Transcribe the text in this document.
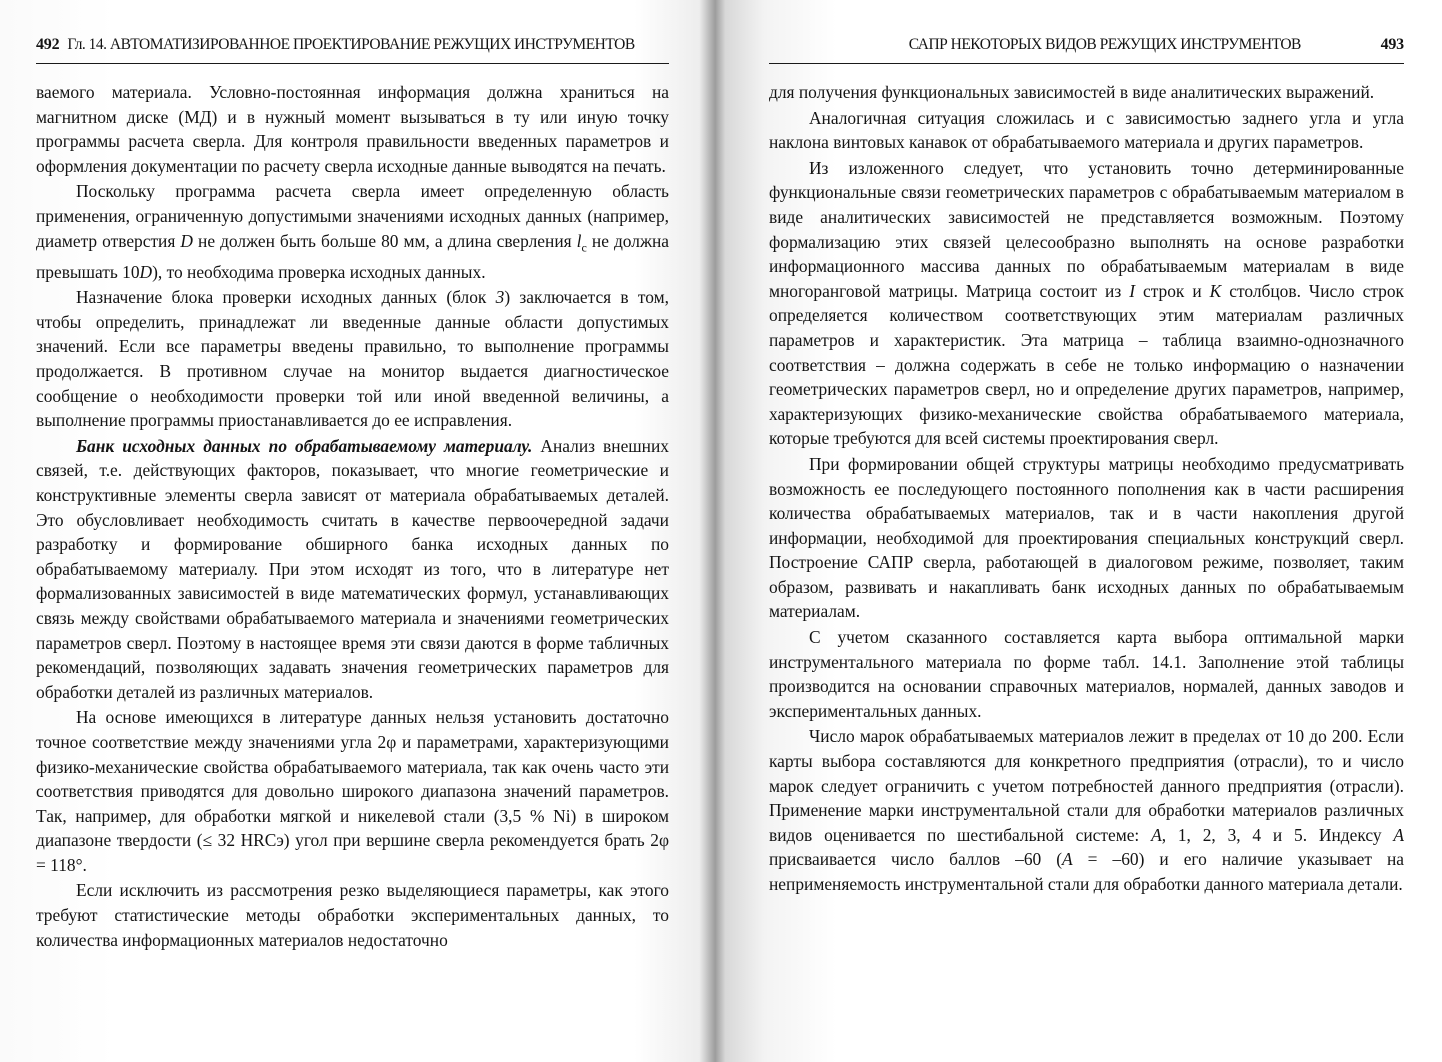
492 Гл. 14. АВТОМАТИЗИРОВАННОЕ ПРОЕКТИРОВАНИЕ РЕЖУЩИХ ИНСТРУМЕНТОВ

ваемого материала. Условно-постоянная информация должна храниться на магнитном диске (МД) и в нужный момент вызываться в ту или иную точку программы расчета сверла. Для контроля правильности введенных параметров и оформления документации по расчету сверла исходные данные выводятся на печать.

Поскольку программа расчета сверла имеет определенную область применения, ограниченную допустимыми значениями исходных данных (например, диаметр отверстия D не должен быть больше 80 мм, а длина сверления $l_с$ не должна превышать 10D), то необходима проверка исходных данных.

Назначение блока проверки исходных данных (блок 3) заключается в том, чтобы определить, принадлежат ли введенные данные области допустимых значений. Если все параметры введены правильно, то выполнение программы продолжается. В противном случае на монитор выдается диагностическое сообщение о необходимости проверки той или иной введенной величины, а выполнение программы приостанавливается до ее исправления.

Банк исходных данных по обрабатываемому материалу. Анализ внешних связей, т.е. действующих факторов, показывает, что многие геометрические и конструктивные элементы сверла зависят от материала обрабатываемых деталей. Это обусловливает необходимость считать в качестве первоочередной задачи разработку и формирование обширного банка исходных данных по обрабатываемому материалу. При этом исходят из того, что в литературе нет формализованных зависимостей в виде математических формул, устанавливающих связь между свойствами обрабатываемого материала и значениями геометрических параметров сверл. Поэтому в настоящее время эти связи даются в форме табличных рекомендаций, позволяющих задавать значения геометрических параметров для обработки деталей из различных материалов.

На основе имеющихся в литературе данных нельзя установить достаточно точное соответствие между значениями угла 2φ и параметрами, характеризующими физико-механические свойства обрабатываемого материала, так как очень часто эти соответствия приводятся для довольно широкого диапазона значений параметров. Так, например, для обработки мягкой и никелевой стали (3,5 % Ni) в широком диапазоне твердости (≤ 32 HRCэ) угол при вершине сверла рекомендуется брать 2φ = 118°.

Если исключить из рассмотрения резко выделяющиеся параметры, как этого требуют статистические методы обработки экспериментальных данных, то количества информационных материалов недостаточно

САПР НЕКОТОРЫХ ВИДОВ РЕЖУЩИХ ИНСТРУМЕНТОВ	493

для получения функциональных зависимостей в виде аналитических выражений.

Аналогичная ситуация сложилась и с зависимостью заднего угла и угла наклона винтовых канавок от обрабатываемого материала и других параметров.

Из изложенного следует, что установить точно детерминированные функциональные связи геометрических параметров с обрабатываемым материалом в виде аналитических зависимостей не представляется возможным. Поэтому формализацию этих связей целесообразно выполнять на основе разработки информационного массива данных по обрабатываемым материалам в виде многоранговой матрицы. Матрица состоит из I строк и K столбцов. Число строк определяется количеством соответствующих этим материалам различных параметров и характеристик. Эта матрица – таблица взаимно-однозначного соответствия – должна содержать в себе не только информацию о назначении геометрических параметров сверл, но и определение других параметров, например, характеризующих физико-механические свойства обрабатываемого материала, которые требуются для всей системы проектирования сверл.

При формировании общей структуры матрицы необходимо предусматривать возможность ее последующего постоянного пополнения как в части расширения количества обрабатываемых материалов, так и в части накопления другой информации, необходимой для проектирования специальных конструкций сверл. Построение САПР сверла, работающей в диалоговом режиме, позволяет, таким образом, развивать и накапливать банк исходных данных по обрабатываемым материалам.

С учетом сказанного составляется карта выбора оптимальной марки инструментального материала по форме табл. 14.1. Заполнение этой таблицы производится на основании справочных материалов, нормалей, данных заводов и экспериментальных данных.

Число марок обрабатываемых материалов лежит в пределах от 10 до 200. Если карты выбора составляются для конкретного предприятия (отрасли), то и число марок следует ограничить с учетом потребностей данного предприятия (отрасли). Применение марки инструментальной стали для обработки материалов различных видов оценивается по шестибальной системе: A, 1, 2, 3, 4 и 5. Индексу A присваивается число баллов –60 (A = –60) и его наличие указывает на неприменяемость инструментальной стали для обработки данного материала детали.
